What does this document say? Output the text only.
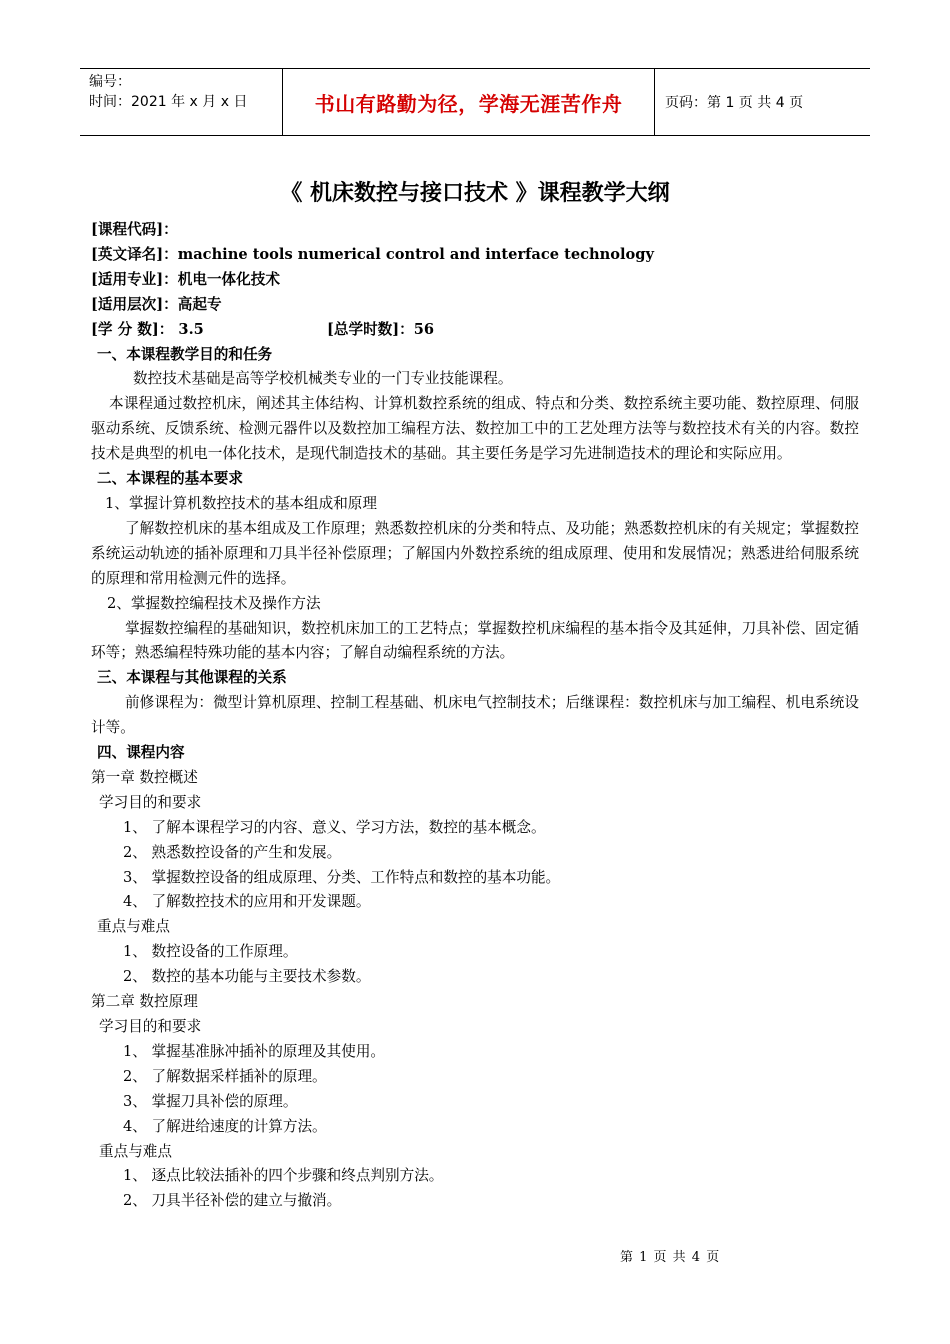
编号：
时间：2021 年 x 月 x 日	书山有路勤为径，学海无涯苦作舟	页码：第 1 页 共 4 页
《 机床数控与接口技术 》课程教学大纲
[课程代码]：
[英文译名]：machine tools numerical control and interface technology
[适用专业]：机电一体化技术
[适用层次]：高起专
[学 分 数]： 3.5	[总学时数]：56
一、本课程教学目的和任务
数控技术基础是高等学校机械类专业的一门专业技能课程。
本课程通过数控机床，阐述其主体结构、计算机数控系统的组成、特点和分类、数控系统主要功能、数控原理、伺服驱动系统、反馈系统、检测元器件以及数控加工编程方法、数控加工中的工艺处理方法等与数控技术有关的内容。数控技术是典型的机电一体化技术，是现代制造技术的基础。其主要任务是学习先进制造技术的理论和实际应用。
二、本课程的基本要求
1、掌握计算机数控技术的基本组成和原理
了解数控机床的基本组成及工作原理；熟悉数控机床的分类和特点、及功能；熟悉数控机床的有关规定；掌握数控系统运动轨迹的插补原理和刀具半径补偿原理；了解国内外数控系统的组成原理、使用和发展情况；熟悉进给伺服系统的原理和常用检测元件的选择。
2、掌握数控编程技术及操作方法
掌握数控编程的基础知识，数控机床加工的工艺特点；掌握数控机床编程的基本指令及其延伸，刀具补偿、固定循环等；熟悉编程特殊功能的基本内容；了解自动编程系统的方法。
三、本课程与其他课程的关系
前修课程为：微型计算机原理、控制工程基础、机床电气控制技术；后继课程：数控机床与加工编程、机电系统设计等。
四、课程内容
第一章 数控概述
学习目的和要求
1、 了解本课程学习的内容、意义、学习方法，数控的基本概念。
2、 熟悉数控设备的产生和发展。
3、 掌握数控设备的组成原理、分类、工作特点和数控的基本功能。
4、 了解数控技术的应用和开发课题。
重点与难点
1、 数控设备的工作原理。
2、 数控的基本功能与主要技术参数。
第二章 数控原理
学习目的和要求
1、 掌握基准脉冲插补的原理及其使用。
2、 了解数据采样插补的原理。
3、 掌握刀具补偿的原理。
4、 了解进给速度的计算方法。
重点与难点
1、 逐点比较法插补的四个步骤和终点判别方法。
2、 刀具半径补偿的建立与撤消。
第 1 页 共 4 页
